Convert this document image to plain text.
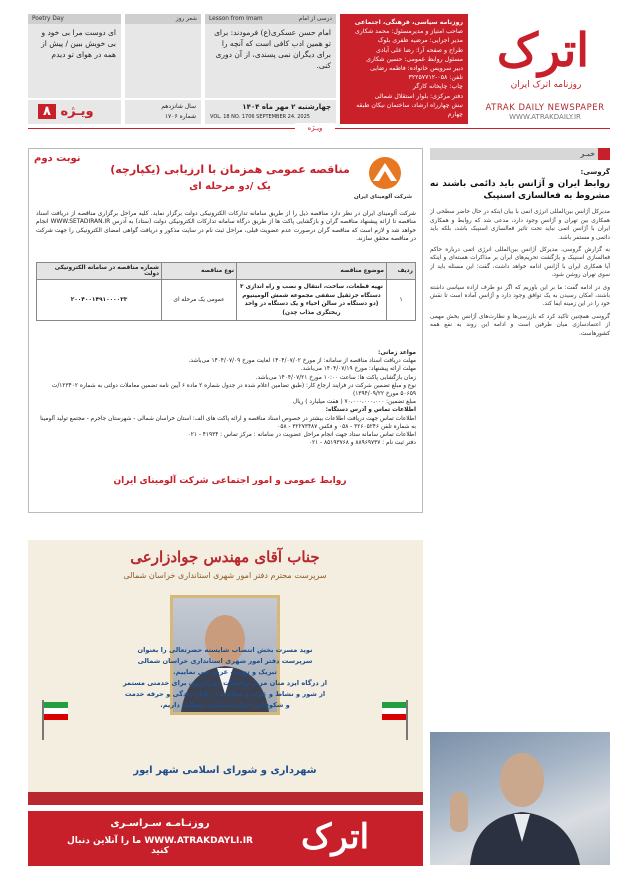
اترک
روزنامه اترک ایران
ATRAK DAILY NEWSPAPER
WWW.ATRAKDAILY.IR
روزنامه سیاسی، فرهنگی، اجتماعی
صاحب امتیاز و مدیرمسئول: محمد شکاری
مدیر اجرایی: مرضیه ظفری بلوک
طراح و صفحه آرا: رضا علی آبادی
مسئول روابط عمومی: حسین شکاری
دبیر سرویس خانواده: فاطمه رضایی
تلفن: ۰۵۸-۳۲۲۵۷۷۱۲
چاپ: چاپخانه کارگر
دفتر مرکزی: بلوار استقلال شمالی
نبش چهارراه ارشاد، ساختمان نیکان طبقه چهارم
Lesson from Imam	درسی از امام
امام حسن عسکری(ع) فرمودند: برای تو همین ادب کافی است که آنچه را برای دیگران نمی پسندی، از آن دوری کنی.
شعر روز
Poetry Day
ای دوست مرا بی خود و بی خویش ببین / پیش از همه در هوای تو دیدم
چهارشنبه ۲ مهر ماه ۱۴۰۴
VOL. 18 NO. 1706 SEPTEMBER 24. 2025
سال شانزدهم
شماره ۱۷۰۶
۸ ویـژه
ویـژه
خبـر
گروسی:
روابط ایران و آژانس باید دائمی باشند نه مشروط به فعالسازی اسنپبک

مدیرکل آژانس بین‌المللی انرژی اتمی با بیان اینکه در حال حاضر سطحی از همکاری بین تهران و آژانس وجود دارد، مدعی شد که روابط و همکاری ایران با آژانس اتمی نباید تحت تاثیر فعالسازی اسنپبک باشد، بلکه باید دائمی و مستمر باشد.

به گزارش گروسی، مدیرکل آژانس بین‌المللی انرژی اتمی درباره حاکم فعالسازی اسنپبک و بازگشت تحریم‌های ایران بر مذاکرات هسته‌ای و اینکه آیا همکاری ایران با آژانس ادامه خواهد داشت، گفت: این مسئله باید از سوی تهران روشن شود.

وی در ادامه گفت: ما بر این باوریم که اگر دو طرف اراده سیاسی داشته باشند، امکان رسیدن به یک توافق وجود دارد و آژانس آماده است تا نقش خود را در این زمینه ایفا کند.

گروسی همچنین تاکید کرد که بازرسی‌ها و نظارت‌های آژانس بخش مهمی از اعتمادسازی میان طرفین است و ادامه این روند به نفع همه کشورهاست.

نوبت دوم
مناقصه عمومی همزمان با ارزیابی (یکپارچه)
یک /دو مرحله ای
شرکت آلومینای ایران
شرکت آلومینای ایران در نظر دارد مناقصه ذیل را از طریق سامانه تدارکات الکترونیکی دولت برگزار نماید. کلیه مراحل برگزاری مناقصه از دریافت اسناد مناقصه تا ارائه پیشنهاد مناقصه گران و بازگشایی پاکت ها از طریق درگاه سامانه تدارکات الکترونیکی دولت (ستاد) به آدرس WWW.SETADIRAN.IR انجام خواهد شد و لازم است که مناقصه گران درصورت عدم عضویت قبلی، مراحل ثبت نام در سایت مذکور و دریافت گواهی امضای الکترونیکی را جهت شرکت در مناقصه محقق سازند.
ردیف	موضوع مناقصه	نوع مناقصه	شماره مناقصه در سامانه الکترونیکی دولت
۱	تهیه قطعات، ساخت، انتقال و نصب و راه اندازی ۳ دستگاه جرثقیل سقفی مجموعه شمش آلومینیوم (دو دستگاه در سالن احیاء و یک دستگاه در واحد ریختگری مذاب چدن)	عمومی یک مرحله ای	۲۰۰۴۰۰۱۴۹۱۰۰۰۰۳۳
مواعد زمانی:
مهلت دریافت اسناد مناقصه از سامانه: از مورخ ۱۴۰۴/۰۷/۰۲ لغایت مورخ ۱۴۰۴/۰۷/۰۹ می‌باشد.
مهلت ارائه پیشنهاد: مورخ ۱۴۰۴/۰۷/۱۹ می‌باشد.
زمان بازگشایی پاکت ها: ساعت ۱۰:۰۰ مورخ ۱۴۰۴/۰۷/۲۱ می‌باشد.
نوع و مبلغ تضمین شرکت در فرایند ارجاع کار: (طبق تضامین اعلام شده در جدول شماره ۲ ماده ۶ آیین نامه تضمین معاملات دولتی به شماره ۱۲۳۴۰۲/ت ۵۰۶۵۹ مورخ ۱۳۹۴/۰۹/۲۲)
مبلغ تضمین: ۷۰،۰۰۰،۰۰۰،۰۰۰ ( هفت میلیارد ) ریال
اطلاعات تماس و آدرس دستگاه:
اطلاعات تماس جهت دریافت اطلاعات بیشتر در خصوص اسناد مناقصه و ارائه پاکت های الف: استان خراسان شمالی - شهرستان جاجرم - مجتمع تولید آلومینا به شماره تلفن ۳۲۶۰۵۲۴۶ - ۰۵۸ و فکس ۳۲۲۷۳۴۸۷ - ۰۵۸
اطلاعات تماس سامانه ستاد جهت انجام مراحل عضویت در سامانه : مرکز تماس : ۴۱۹۳۴ - ۰۲۱
دفتر ثبت نام : ۸۸۹۶۹۷۳۷ و ۸۵۱۹۳۷۶۸ - ۰۲۱
روابط عمومی و امور اجتماعی شرکت آلومینای ایران
جناب آقای مهندس جوادزارعی
سرپرست محترم دفتر امور شهری استانداری خراسان شمالی
نوید مسرت بخش انتصاب شایسته حضرتعالی را بعنوان
سرپرست دفتر امور شهری استانداری خراسان شمالی
تبریک و تهنیت عرض می نماییم.
از درگاه ایزد منان مزید توفیقات روزافزون برای خدمتی مستمر
از شور و نشاط و عزت و سلامت در کنار زندگی و حرفه خدمت
و شکوفایی ایران اسلامی مسالت داریم.
شهرداری و شورای اسلامی شهر ایور
اترک
روزنـامـه سـراسـری
WWW.ATRAKDAYLI.IR ما را آنلاین دنبال کنید
